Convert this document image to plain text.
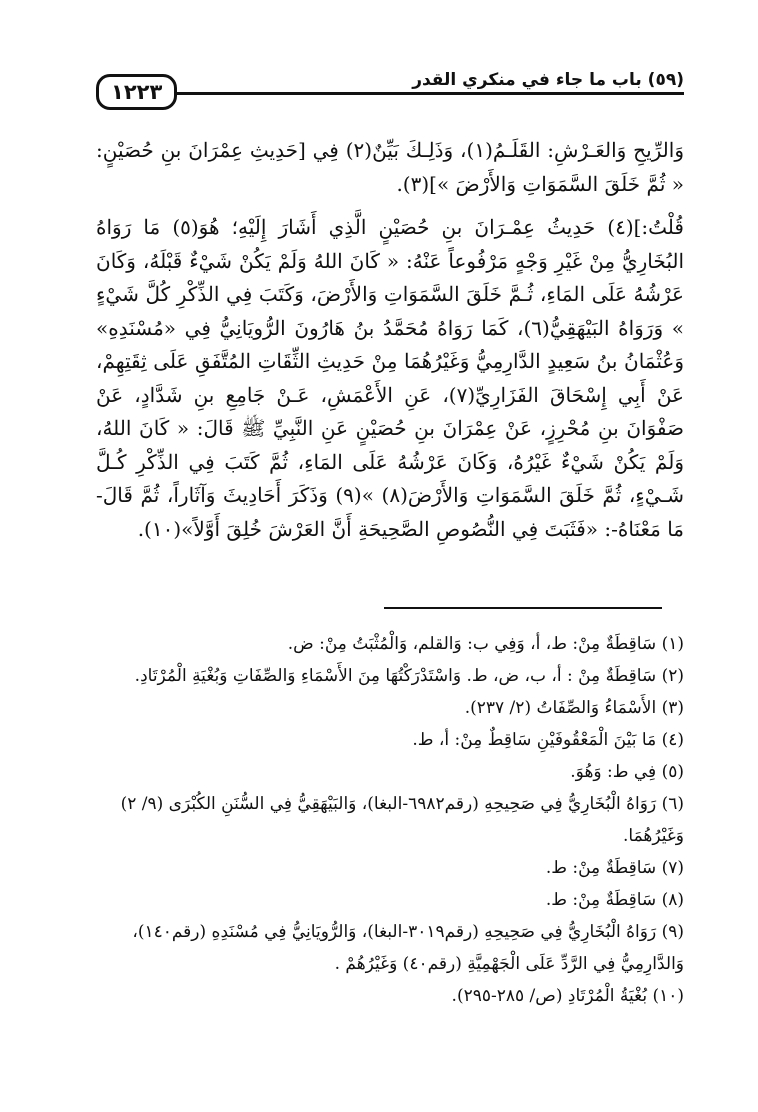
(٥٩) باب ما جاء في منكري القدر
١٢٢٣

وَالرِّيحِ وَالعَـرْشِ: القَلَـمُ(١)، وَذَلِـكَ بَيِّنٌ(٢) فِي [حَدِيثِ عِمْرَانَ بنِ حُصَيْنٍ: « ثُمَّ خَلَقَ السَّمَوَاتِ وَالأَرْضَ »](٣).

قُلْتُ:](٤) حَدِيثُ عِمْـرَانَ بنِ حُصَيْنٍ الَّذِي أَشَارَ إِلَيْهِ؛ هُوَ(٥) مَا رَوَاهُ البُخَارِيُّ مِنْ غَيْرِ وَجْهٍ مَرْفُوعاً عَنْهُ: « كَانَ اللهُ وَلَمْ يَكُنْ شَيْءٌ قَبْلَهُ، وَكَانَ عَرْشُهُ عَلَى المَاءِ، ثُـمَّ خَلَقَ السَّمَوَاتِ وَالأَرْضَ، وَكَتَبَ فِي الذِّكْرِ كُلَّ شَيْءٍ » وَرَوَاهُ البَيْهَقِيُّ(٦)، كَمَا رَوَاهُ مُحَمَّدُ بنُ هَارُونَ الرُّويَانِيُّ فِي «مُسْنَدِهِ» وَعُثْمَانُ بنُ سَعِيدٍ الدَّارِمِيُّ وَغَيْرُهُمَا مِنْ حَدِيثِ الثِّقَاتِ المُتَّفَقِ عَلَى ثِقَتِهِمْ، عَنْ أَبِي إِسْحَاقَ الفَزَارِيِّ(٧)، عَنِ الأَعْمَشِ، عَـنْ جَامِعِ بنِ شَدَّادٍ، عَنْ صَفْوَانَ بنِ مُحْرِزٍ، عَنْ عِمْرَانَ بنِ حُصَيْنٍ عَنِ النَّبِيِّ ﷺ قَالَ: « كَانَ اللهُ، وَلَمْ يَكُنْ شَيْءٌ غَيْرُهُ، وَكَانَ عَرْشُهُ عَلَى المَاءِ، ثُمَّ كَتَبَ فِي الذِّكْرِ كُـلَّ شَـيْءٍ، ثُمَّ خَلَقَ السَّمَوَاتِ وَالأَرْضَ(٨) »(٩) وَذَكَرَ أَحَادِيثَ وَآثَاراً، ثُمَّ قَالَ-مَا مَعْنَاهُ-: «فَثَبَتَ فِي النُّصُوصِ الصَّحِيحَةِ أَنَّ العَرْشَ خُلِقَ أَوَّلاً»(١٠).

(١) سَاقِطَةٌ مِنْ: ط، أ، وَفِي ب: وَالقلم، وَالْمُثْبَتُ مِنْ: ض.

(٢) سَاقِطَةٌ مِنْ : أ، ب، ض، ط. وَاسْتَدْرَكْتُهَا مِنَ الأَسْمَاءِ وَالصِّفَاتِ وَبُغْيَةِ الْمُرْتَادِ.

(٣) الأَسْمَاءُ وَالصِّفَاتُ (٢/ ٢٣٧).

(٤) مَا بَيْنَ الْمَعْقُوفَيْنِ سَاقِطٌ مِنْ: أ، ط.

(٥) فِي ط: وَهُوَ.

(٦) رَوَاهُ الْبُخَارِيُّ فِي صَحِيحِهِ (رقم٦٩٨٢-البغا)، وَالبَيْهَقِيُّ فِي السُّنَنِ الكُبْرَى (٩/ ٢) وَغَيْرُهُمَا.

(٧) سَاقِطَةٌ مِنْ: ط.

(٨) سَاقِطَةٌ مِنْ: ط.

(٩) رَوَاهُ الْبُخَارِيُّ فِي صَحِيحِهِ (رقم٣٠١٩-البغا)، وَالرُّويَانِيُّ فِي مُسْنَدِهِ (رقم١٤٠)، وَالدَّارِمِيُّ فِي الرَّدِّ عَلَى الْجَهْمِيَّةِ (رقم٤٠) وَغَيْرُهُمْ .

(١٠) بُغْيَةُ الْمُرْتَادِ (ص/ ٢٨٥-٢٩٥).
